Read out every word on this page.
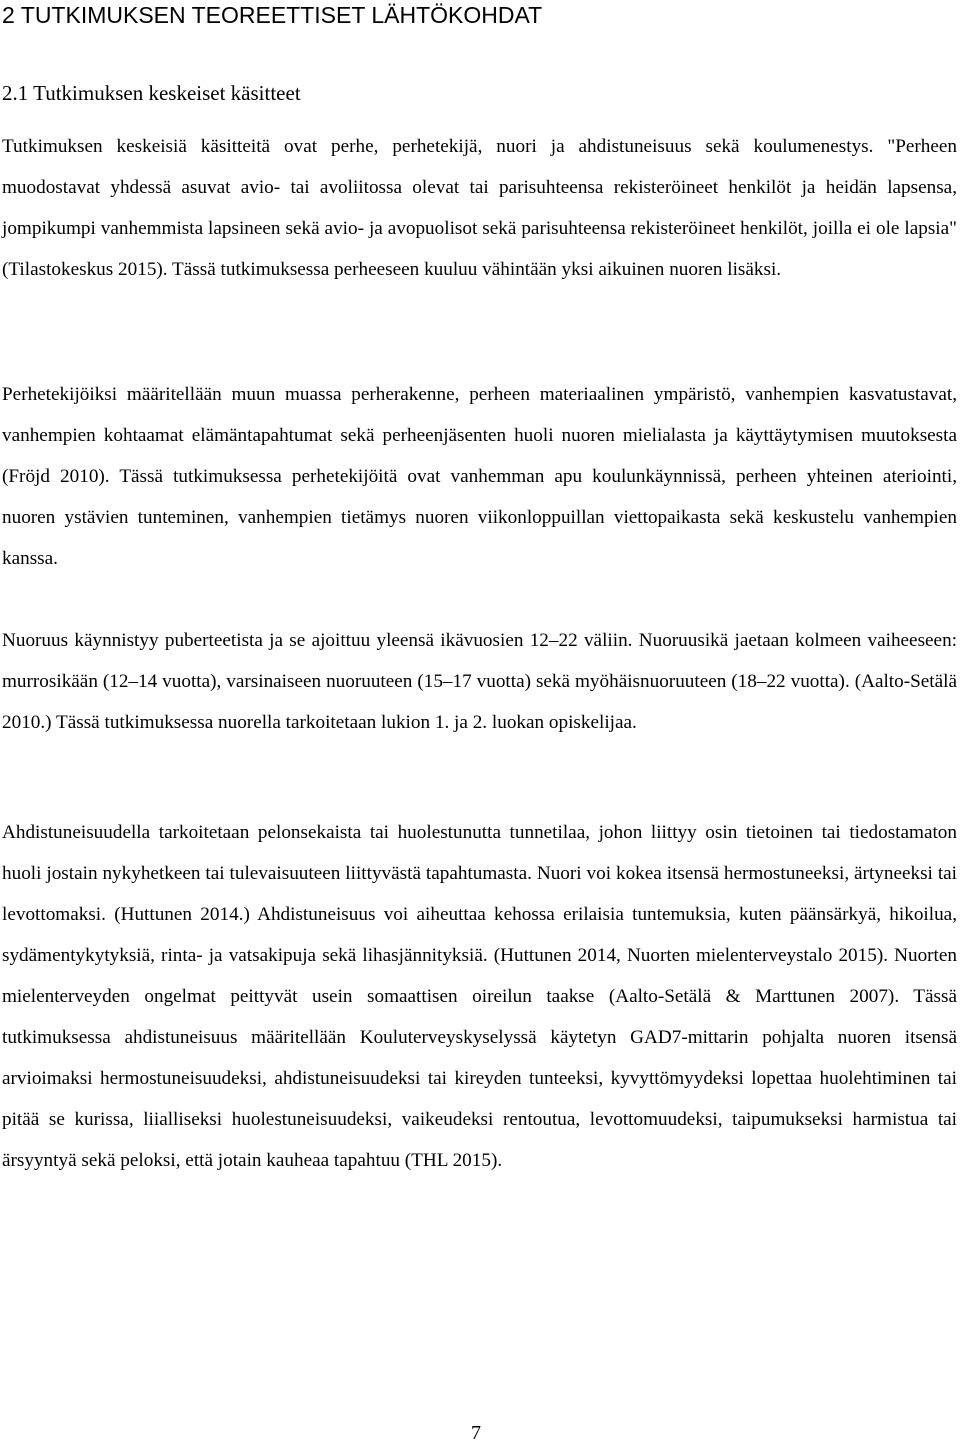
2 TUTKIMUKSEN TEOREETTISET LÄHTÖKOHDAT
2.1 Tutkimuksen keskeiset käsitteet

Tutkimuksen keskeisiä käsitteitä ovat perhe, perhetekijä, nuori ja ahdistuneisuus sekä koulumenestys. "Perheen muodostavat yhdessä asuvat avio- tai avoliitossa olevat tai parisuhteensa rekisteröineet henkilöt ja heidän lapsensa, jompikumpi vanhemmista lapsineen sekä avio- ja avopuolisot sekä parisuhteensa rekisteröineet henkilöt, joilla ei ole lapsia" (Tilastokeskus 2015). Tässä tutkimuksessa perheeseen kuuluu vähintään yksi aikuinen nuoren lisäksi.

Perhetekijöiksi määritellään muun muassa perherakenne, perheen materiaalinen ympäristö, vanhempien kasvatustavat, vanhempien kohtaamat elämäntapahtumat sekä perheenjäsenten huoli nuoren mielialasta ja käyttäytymisen muutoksesta (Fröjd 2010). Tässä tutkimuksessa perhetekijöitä ovat vanhemman apu koulunkäynnissä, perheen yhteinen ateriointi, nuoren ystävien tunteminen, vanhempien tietämys nuoren viikonloppuillan viettopaikasta sekä keskustelu vanhempien kanssa.

Nuoruus käynnistyy puberteetista ja se ajoittuu yleensä ikävuosien 12–22 väliin. Nuoruusikä jaetaan kolmeen vaiheeseen: murrosikään (12–14 vuotta), varsinaiseen nuoruuteen (15–17 vuotta) sekä myöhäisnuoruuteen (18–22 vuotta). (Aalto-Setälä 2010.) Tässä tutkimuksessa nuorella tarkoitetaan lukion 1. ja 2. luokan opiskelijaa.

Ahdistuneisuudella tarkoitetaan pelonsekaista tai huolestunutta tunnetilaa, johon liittyy osin tietoinen tai tiedostamaton huoli jostain nykyhetkeen tai tulevaisuuteen liittyvästä tapahtumasta. Nuori voi kokea itsensä hermostuneeksi, ärtyneeksi tai levottomaksi. (Huttunen 2014.) Ahdistuneisuus voi aiheuttaa kehossa erilaisia tuntemuksia, kuten päänsärkyä, hikoilua, sydämentykytyksiä, rinta- ja vatsakipuja sekä lihasjännityksiä. (Huttunen 2014, Nuorten mielenterveystalo 2015). Nuorten mielenterveyden ongelmat peittyvät usein somaattisen oireilun taakse (Aalto-Setälä & Marttunen 2007). Tässä tutkimuksessa ahdistuneisuus määritellään Kouluterveyskyselyssä käytetyn GAD7-mittarin pohjalta nuoren itsensä arvioimaksi hermostuneisuudeksi, ahdistuneisuudeksi tai kireyden tunteeksi, kyvyttömyydeksi lopettaa huolehtiminen tai pitää se kurissa, liialliseksi huolestuneisuudeksi, vaikeudeksi rentoutua, levottomuudeksi, taipumukseksi harmistua tai ärsyyntyä sekä peloksi, että jotain kauheaa tapahtuu (THL 2015).

7
